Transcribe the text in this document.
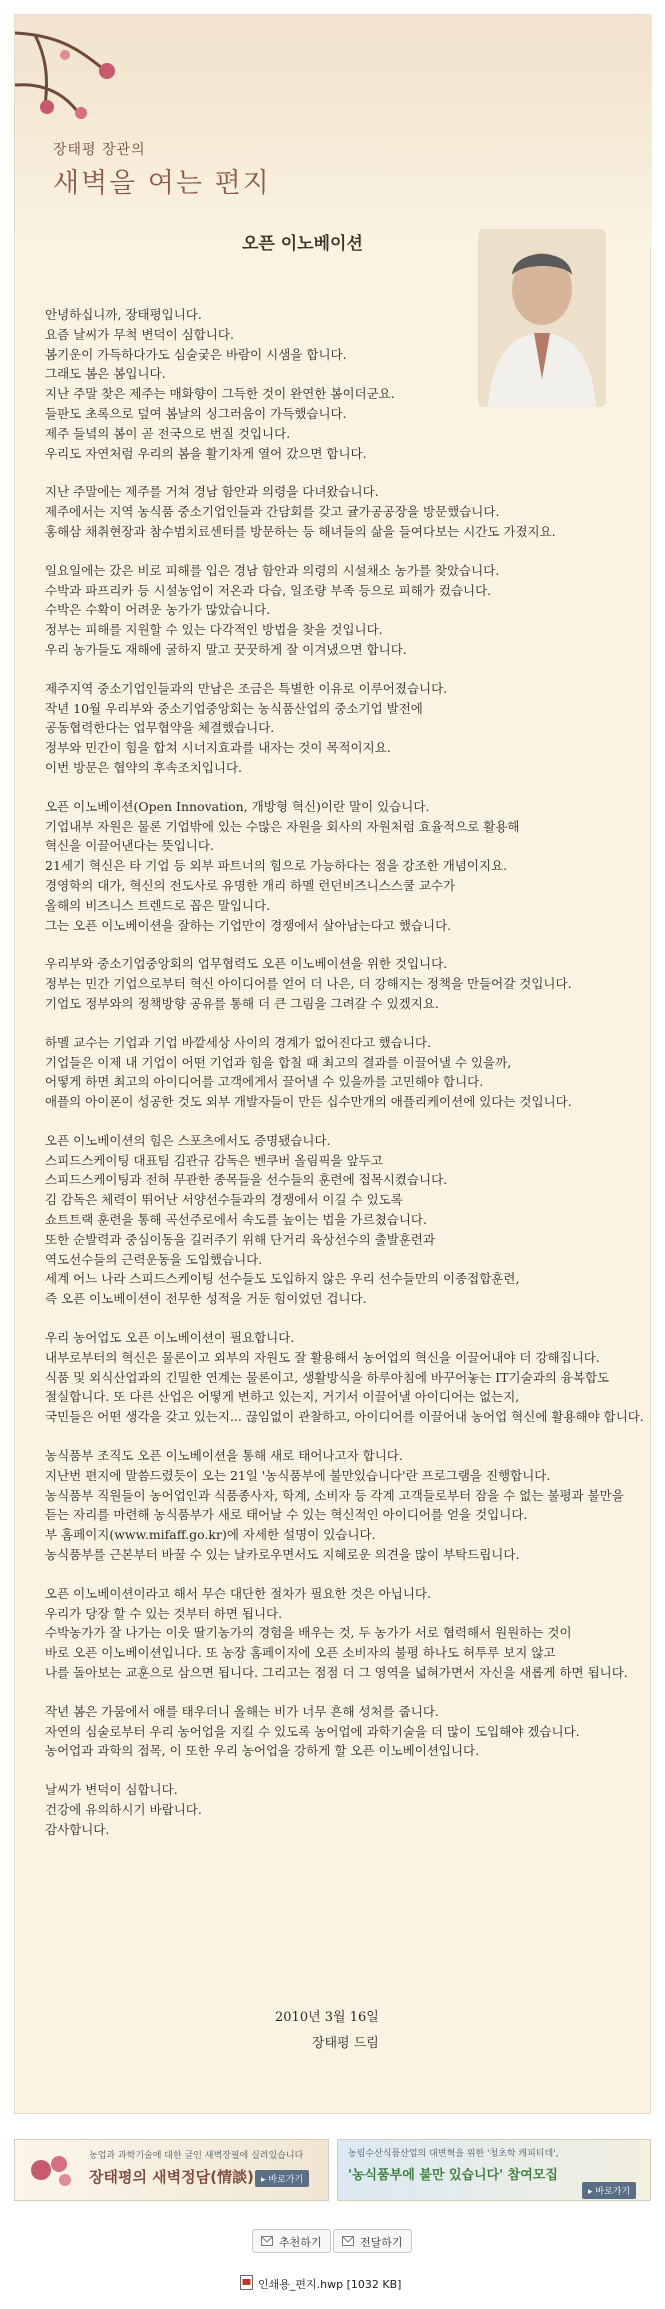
장태평 장관의
새벽을 여는 편지
오픈 이노베이션
안녕하십니까, 장태평입니다.
요즘 날씨가 무척 변덕이 심합니다.
봄기운이 가득하다가도 심술궂은 바람이 시샘을 합니다.
그래도 봄은 봄입니다.
지난 주말 찾은 제주는 매화향이 그득한 것이 완연한 봄이더군요.
들판도 초록으로 덮여 봄날의 싱그러움이 가득했습니다.
제주 들녘의 봄이 곧 전국으로 번질 것입니다.
우리도 자연처럼 우리의 봄을 활기차게 열어 갔으면 합니다.
지난 주말에는 제주를 거쳐 경남 함안과 의령을 다녀왔습니다.
제주에서는 지역 농식품 중소기업인들과 간담회를 갖고 귤가공공장을 방문했습니다.
홍해삼 채취현장과 참수범치료센터를 방문하는 등 해녀들의 삶을 들여다보는 시간도 가졌지요.
일요일에는 갔은 비로 피해를 입은 경남 함안과 의령의 시설채소 농가를 찾았습니다.
수박과 파프리카 등 시설농업이 저온과 다습, 일조량 부족 등으로 피해가 컸습니다.
수박은 수확이 어려운 농가가 많았습니다.
정부는 피해를 지원할 수 있는 다각적인 방법을 찾을 것입니다.
우리 농가들도 재해에 굴하지 말고 꿋꿋하게 잘 이겨냈으면 합니다.
제주지역 중소기업인들과의 만남은 조금은 특별한 이유로 이루어졌습니다.
작년 10월 우리부와 중소기업중앙회는 농식품산업의 중소기업 발전에
공동협력한다는 업무협약을 체결했습니다.
정부와 민간이 힘을 합쳐 시너지효과를 내자는 것이 목적이지요.
이번 방문은 협약의 후속조치입니다.
오픈 이노베이션(Open Innovation, 개방형 혁신)이란 말이 있습니다.
기업내부 자원은 물론 기업밖에 있는 수많은 자원을 회사의 자원처럼 효율적으로 활용해
혁신을 이끌어낸다는 뜻입니다.
21세기 혁신은 타 기업 등 외부 파트너의 힘으로 가능하다는 점을 강조한 개념이지요.
경영학의 대가, 혁신의 전도사로 유명한 개리 하멜 런던비즈니스스쿨 교수가
올해의 비즈니스 트렌드로 꼽은 말입니다.
그는 오픈 이노베이션을 잘하는 기업만이 경쟁에서 살아남는다고 했습니다.
우리부와 중소기업중앙회의 업무협력도 오픈 이노베이션을 위한 것입니다.
정부는 민간 기업으로부터 혁신 아이디어를 얻어 더 나은, 더 강해지는 정책을 만들어갈 것입니다.
기업도 정부와의 정책방향 공유를 통해 더 큰 그림을 그려갈 수 있겠지요.
하멜 교수는 기업과 기업 바깥세상 사이의 경계가 없어진다고 했습니다.
기업들은 이제 내 기업이 어떤 기업과 힘을 합칠 때 최고의 결과를 이끌어낼 수 있을까,
어떻게 하면 최고의 아이디어를 고객에게서 끌어낼 수 있을까를 고민해야 합니다.
애플의 아이폰이 성공한 것도 외부 개발자들이 만든 십수만개의 애플리케이션에 있다는 것입니다.
오픈 이노베이션의 힘은 스포츠에서도 증명됐습니다.
스피드스케이팅 대표팀 김관규 감독은 벤쿠버 올림픽을 앞두고
스피드스케이팅과 전혀 무관한 종목들을 선수들의 훈련에 접목시켰습니다.
김 감독은 체력이 뛰어난 서양선수들과의 경쟁에서 이길 수 있도록
쇼트트랙 훈련을 통해 곡선주로에서 속도를 높이는 법을 가르쳤습니다.
또한 순발력과 중심이동을 길러주기 위해 단거리 육상선수의 출발훈련과
역도선수들의 근력운동을 도입했습니다.
세계 어느 나라 스피드스케이팅 선수들도 도입하지 않은 우리 선수들만의 이종접합훈련,
즉 오픈 이노베이션이 전무한 성적을 거둔 힘이었던 겁니다.
우리 농어업도 오픈 이노베이션이 필요합니다.
내부로부터의 혁신은 물론이고 외부의 자원도 잘 활용해서 농어업의 혁신을 이끌어내야 더 강해집니다.
식품 및 외식산업과의 긴밀한 연계는 물론이고, 생활방식을 하루아침에 바꾸어놓는 IT기술과의 융복합도
절실합니다. 또 다른 산업은 어떻게 변하고 있는지, 거기서 이끌어낼 아이디어는 없는지,
국민들은 어떤 생각을 갖고 있는지... 끊임없이 관찰하고, 아이디어를 이끌어내 농어업 혁신에 활용해야 합니다.
농식품부 조직도 오픈 이노베이션을 통해 새로 태어나고자 합니다.
지난번 편지에 말씀드렸듯이 오는 21일 '농식품부에 불만있습니다'란 프로그램을 진행합니다.
농식품부 직원들이 농어업인과 식품종사자, 학계, 소비자 등 각계 고객들로부터 잠을 수 없는 불평과 불만을
듣는 자리를 마련해 농식품부가 새로 태어날 수 있는 혁신적인 아이디어를 얻을 것입니다.
부 홈페이지(www.mifaff.go.kr)에 자세한 설명이 있습니다.
농식품부를 근본부터 바꿀 수 있는 날카로우면서도 지혜로운 의견을 많이 부탁드립니다.
오픈 이노베이션이라고 해서 무슨 대단한 절차가 필요한 것은 아닙니다.
우리가 당장 할 수 있는 것부터 하면 됩니다.
수박농가가 잘 나가는 이웃 딸기농가의 경험을 배우는 것, 두 농가가 서로 협력해서 원원하는 것이
바로 오픈 이노베이션입니다. 또 농장 홈페이지에 오픈 소비자의 불평 하나도 허투루 보지 않고
나를 돌아보는 교훈으로 삼으면 됩니다. 그리고는 점점 더 그 영역을 넓혀가면서 자신을 새롭게 하면 됩니다.
작년 봄은 가뭄에서 애를 태우더니 올해는 비가 너무 흔해 성처를 줍니다.
자연의 심술로부터 우리 농어업을 지킬 수 있도록 농어업에 과학기술을 더 많이 도입해야 겠습니다.
농어업과 과학의 접목, 이 또한 우리 농어업을 강하게 할 오픈 이노베이션입니다.
날씨가 변덕이 심합니다.
건강에 유의하시기 바랍니다.
감사합니다.
2010년 3월 16일
장태평 드림
농업과 과학기술에 대한 글인 새벽장필에 실려있습니다
장태평의 새벽정담(情談) ▸ 바로가기
농림수산식품산업의 대변혁을 위한 '청초학 캐피티데',
'농식품부에 불만 있습니다' 참여모집
▸ 바로가기
추천하기	전달하기
인쇄용_편지.hwp [1032 KB]
